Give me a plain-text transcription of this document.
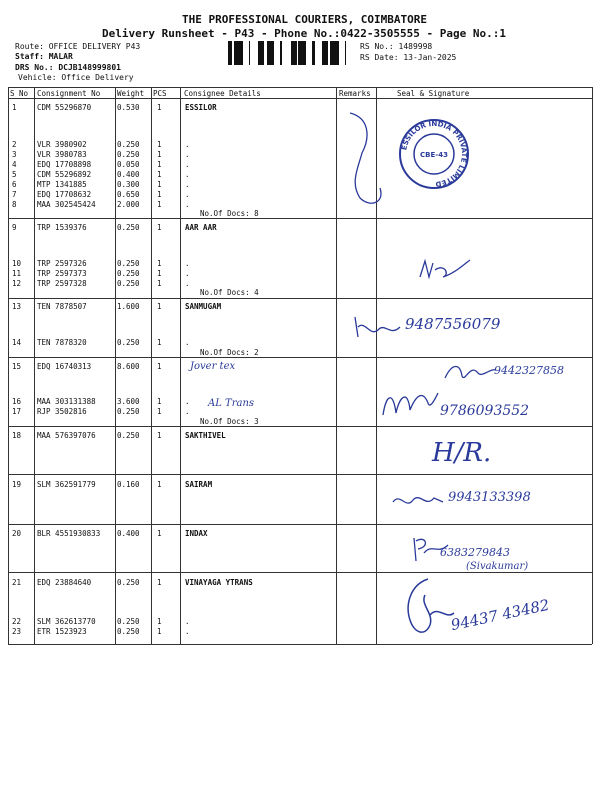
THE PROFESSIONAL COURIERS, COIMBATORE
Delivery Runsheet - P43 - Phone No.:0422-3505555 - Page No.:1
Route: OFFICE DELIVERY P43
Staff: MALAR
DRS No.: DCJB148999801
Vehicle: Office Delivery
RS No.: 1489998
RS Date: 13-Jan-2025
S No Consignment No Weight PCS Consignee Details	Remarks	Seal & Signature
1	CDM 55296870	0.530 1	ESSILOR
2	VLR 3980902	0.250 1	.
3	VLR 3980783	0.250 1	.
4	EDQ 17708898	0.050 1	.
5	CDM 55296892	0.400 1	.
6	MTP 1341885	0.300 1	.
7	EDQ 17708632	0.650 1	.
8	MAA 302545424	2.000 1	.
9	TRP 1539376	0.250 1	AAR AAR
10 TRP 2597326	0.250 1	.
11 TRP 2597373	0.250 1	.
12 TRP 2597328	0.250 1	.
13 TEN 7878507	1.600 1	SANMUGAM
14 TEN 7878320	0.250 1	.
15 EDQ 16740313	8.600 1
16 MAA 303131388	3.600 1	.
17 RJP 3502816	0.250 1	.
18 MAA 576397076	0.250 1	SAKTHIVEL
19 SLM 362591779	0.160 1	SAIRAM
20 BLR 4551930833 0.400 1	INDAX
21 EDQ 23884640	0.250 1	VINAYAGA YTRANS
22 SLM 362613770	0.250 1	.
23 ETR 1523923	0.250 1	.
No.Of Docs: 8
No.Of Docs: 4
No.Of Docs: 2
No.Of Docs: 3
ESSILOR INDIA PRIVATE LIMITED
CBE-43
Jover tex
AL Trans
9487556079
9442327858
9786093552
H/R.
9943133398
6383279843
(Sivakumar)
94437 43482
